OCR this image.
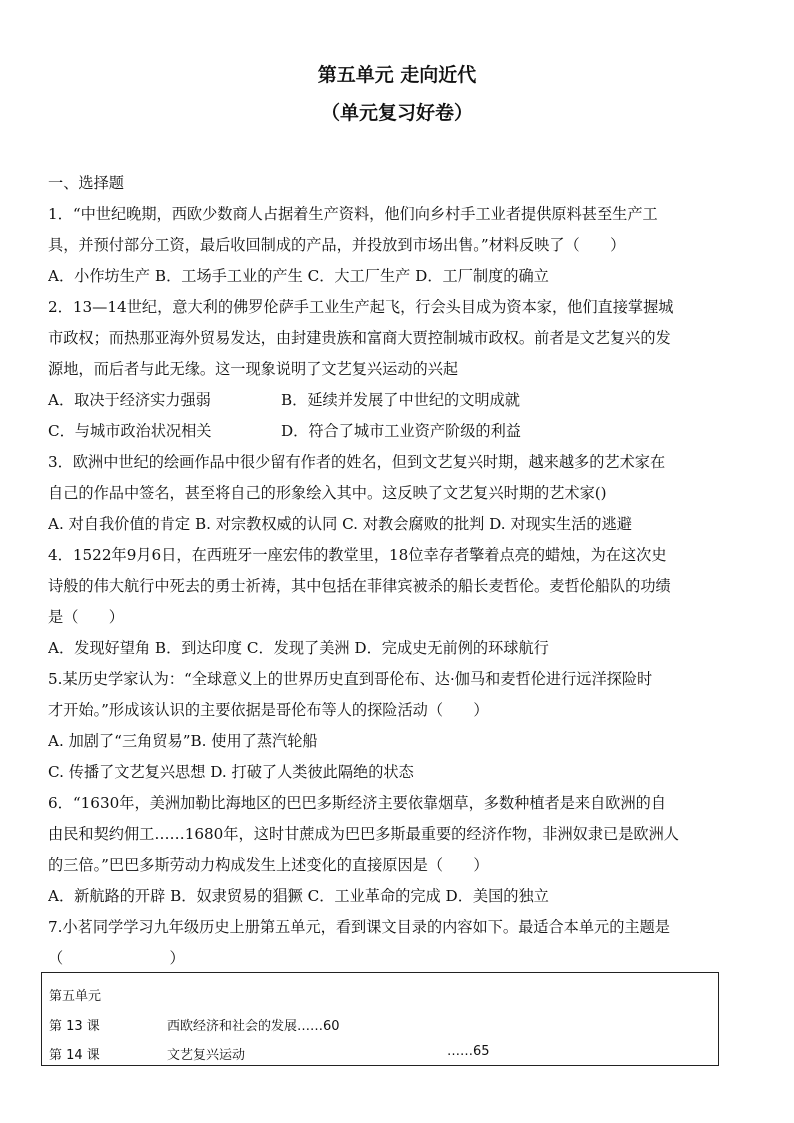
第五单元 走向近代
（单元复习好卷）
一、选择题
1．“中世纪晚期，西欧少数商人占据着生产资料，他们向乡村手工业者提供原料甚至生产工
具，并预付部分工资，最后收回制成的产品，并投放到市场出售。”材料反映了（　　）
A．小作坊生产 B．工场手工业的产生 C．大工厂生产 D．工厂制度的确立
2．13—14世纪，意大利的佛罗伦萨手工业生产起飞，行会头目成为资本家，他们直接掌握城
市政权；而热那亚海外贸易发达，由封建贵族和富商大贾控制城市政权。前者是文艺复兴的发
源地，而后者与此无缘。这一现象说明了文艺复兴运动的兴起
A．取决于经济实力强弱	B．延续并发展了中世纪的文明成就
C．与城市政治状况相关	D．符合了城市工业资产阶级的利益
3．欧洲中世纪的绘画作品中很少留有作者的姓名，但到文艺复兴时期，越来越多的艺术家在
自己的作品中签名，甚至将自己的形象绘入其中。这反映了文艺复兴时期的艺术家()
A. 对自我价值的肯定 B. 对宗教权威的认同 C. 对教会腐败的批判 D. 对现实生活的逃避
4．1522年9月6日，在西班牙一座宏伟的教堂里，18位幸存者擎着点亮的蜡烛，为在这次史
诗般的伟大航行中死去的勇士祈祷，其中包括在菲律宾被杀的船长麦哲伦。麦哲伦船队的功绩
是（　　）
A．发现好望角 B．到达印度 C．发现了美洲 D．完成史无前例的环球航行
5.某历史学家认为：“全球意义上的世界历史直到哥伦布、达·伽马和麦哲伦进行远洋探险时
才开始。”形成该认识的主要依据是哥伦布等人的探险活动（　　）
A. 加剧了“三角贸易”B. 使用了蒸汽轮船
C. 传播了文艺复兴思想 D. 打破了人类彼此隔绝的状态
6．“1630年，美洲加勒比海地区的巴巴多斯经济主要依靠烟草，多数种植者是来自欧洲的自
由民和契约佣工……1680年，这时甘蔗成为巴巴多斯最重要的经济作物，非洲奴隶已是欧洲人
的三倍。”巴巴多斯劳动力构成发生上述变化的直接原因是（　　）
A．新航路的开辟 B．奴隶贸易的猖獗 C．工业革命的完成 D．美国的独立
7.小茗同学学习九年级历史上册第五单元，看到课文目录的内容如下。最适合本单元的主题是
（　　　　　　　）
第五单元
第 13 课	西欧经济和社会的发展……60
第 14 课	文艺复兴运动	……65
